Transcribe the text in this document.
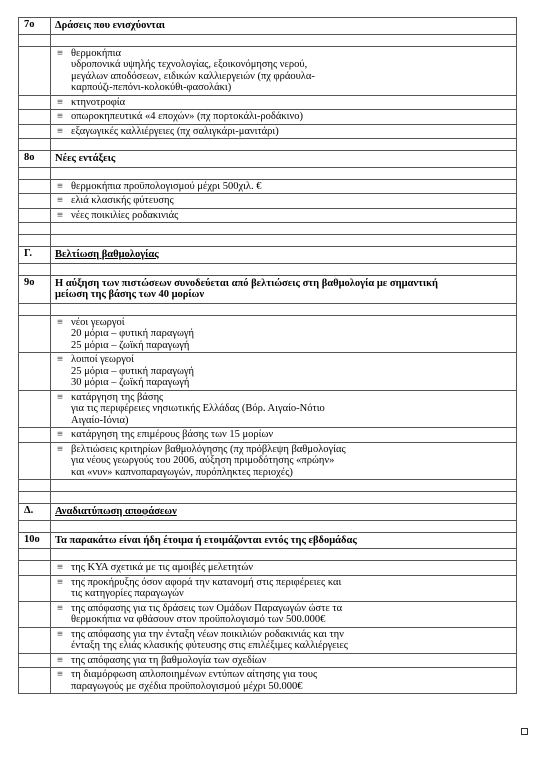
7ο	Δράσεις που ενισχύονται
≡ θερμοκήπια
υδροπονικά υψηλής τεχνολογίας, εξοικονόμησης νερού,
μεγάλων αποδόσεων, ειδικών καλλιεργειών (πχ φράουλα-
καρπούζι-πεπόνι-κολοκύθι-φασολάκι)
≡ κτηνοτροφία
≡ οπωροκηπευτικά «4 εποχών» (πχ πορτοκάλι-ροδάκινο)
≡ εξαγωγικές καλλιέργειες (πχ σαλιγκάρι-μανιτάρι)
8ο	Νέες εντάξεις
≡ θερμοκήπια προϋπολογισμού μέχρι 500χιλ. €
≡ ελιά κλασικής φύτευσης
≡ νέες ποικιλίες ροδακινιάς
Γ.	Βελτίωση βαθμολογίας
9ο	Η αύξηση των πιστώσεων συνοδεύεται από βελτιώσεις στη βαθμολογία με σημαντική
μείωση της βάσης των 40 μορίων
≡ νέοι γεωργοί
20 μόρια – φυτική παραγωγή
25 μόρια – ζωϊκή παραγωγή
≡ λοιποί γεωργοί
25 μόρια – φυτική παραγωγή
30 μόρια – ζωϊκή παραγωγή
≡ κατάργηση της βάσης
για τις περιφέρειες νησιωτικής Ελλάδας (Βόρ. Αιγαίο-Νότιο
Αιγαίο-Ιόνια)
≡ κατάργηση της επιμέρους βάσης των 15 μορίων
≡ βελτιώσεις κριτηρίων βαθμολόγησης (πχ πρόβλεψη βαθμολογίας
για νέους γεωργούς του 2006, αύξηση πριμοδότησης «πρώην»
και «νυν» καπνοπαραγωγών, πυρόπληκτες περιοχές)
Δ.	Αναδιατύπωση αποφάσεων
10ο	Τα παρακάτω είναι ήδη έτοιμα ή ετοιμάζονται εντός της εβδομάδας
≡ της ΚΥΑ σχετικά με τις αμοιβές μελετητών
≡ της προκήρυξης όσον αφορά την κατανομή στις περιφέρειες και
τις κατηγορίες παραγωγών
≡ της απόφασης για τις δράσεις των Ομάδων Παραγωγών ώστε τα
θερμοκήπια να φθάσουν στον προϋπολογισμό των 500.000€
≡ της απόφασης για την ένταξη νέων ποικιλιών ροδακινιάς και την
ένταξη της ελιάς κλασικής φύτευσης στις επιλέξιμες καλλιέργειες
≡ της απόφασης για τη βαθμολογία των σχεδίων
≡ τη διαμόρφωση απλοποιημένων εντύπων αίτησης για τους
παραγωγούς με σχέδια προϋπολογισμού μέχρι 50.000€
